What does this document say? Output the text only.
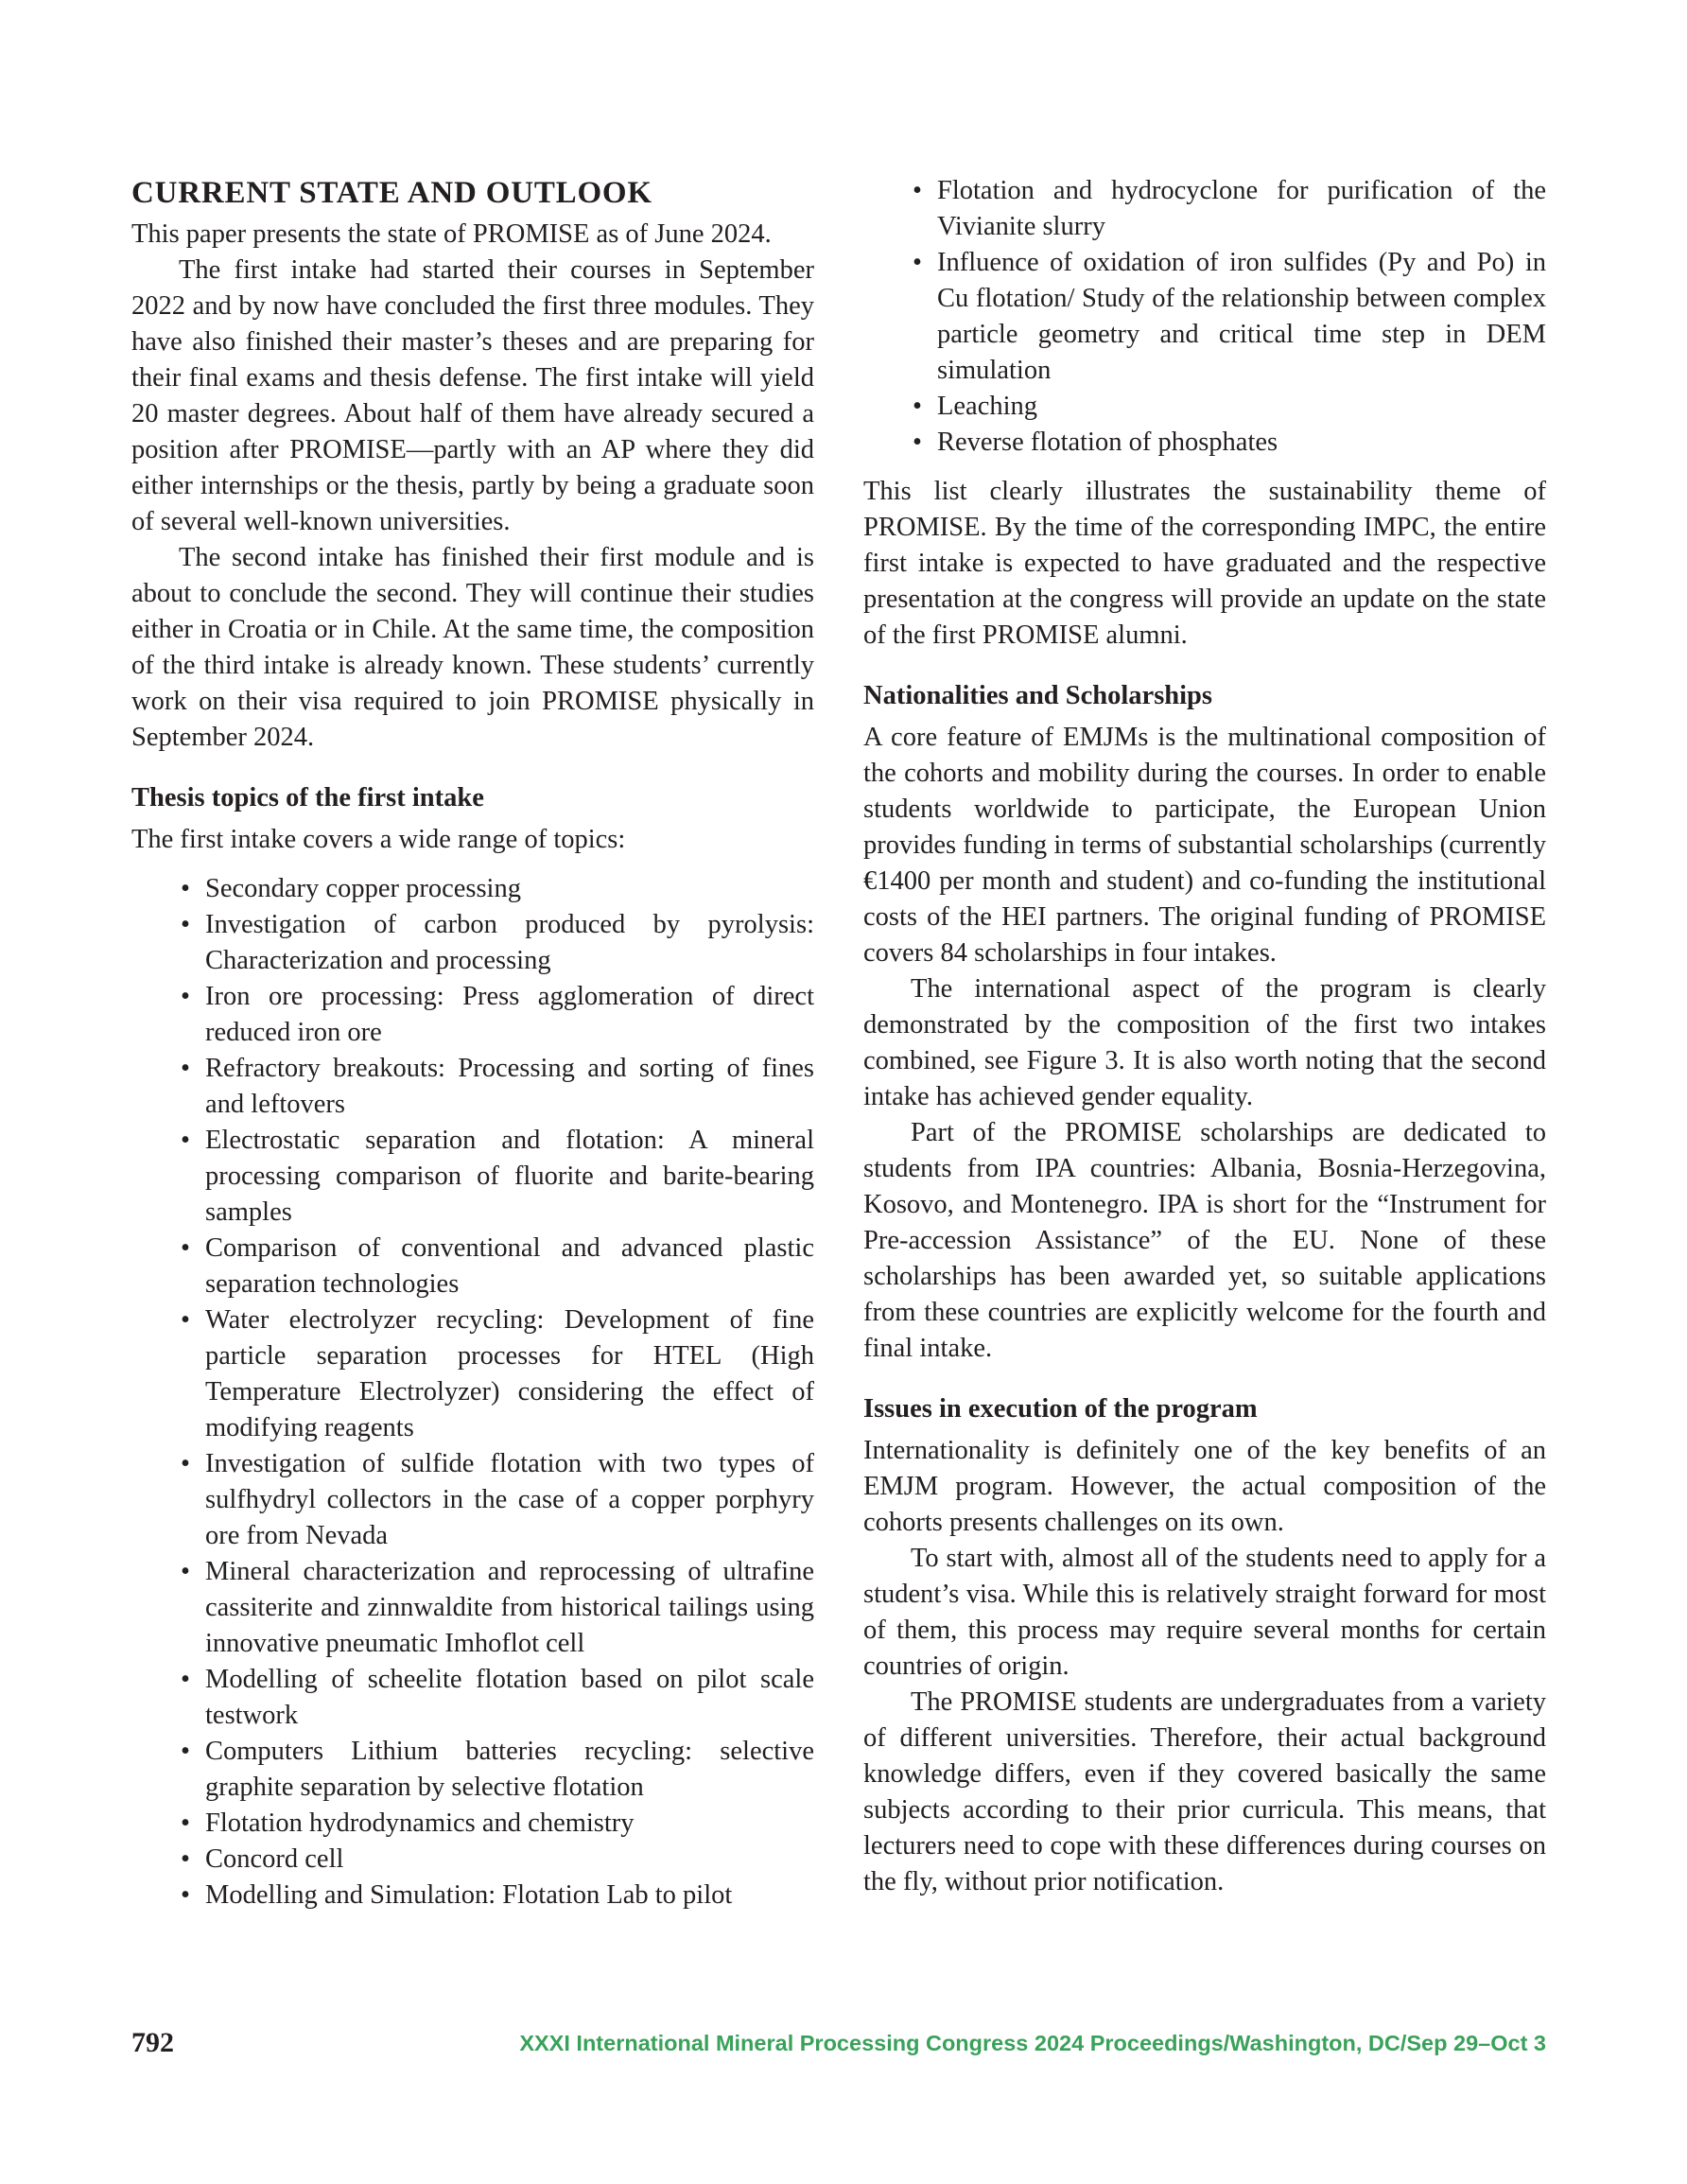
CURRENT STATE AND OUTLOOK

This paper presents the state of PROMISE as of June 2024.

The first intake had started their courses in September 2022 and by now have concluded the first three modules. They have also finished their master’s theses and are preparing for their final exams and thesis defense. The first intake will yield 20 master degrees. About half of them have already secured a position after PROMISE—partly with an AP where they did either internships or the thesis, partly by being a graduate soon of several well-known universities.

The second intake has finished their first module and is about to conclude the second. They will continue their studies either in Croatia or in Chile. At the same time, the composition of the third intake is already known. These students’ currently work on their visa required to join PROMISE physically in September 2024.

Thesis topics of the first intake

The first intake covers a wide range of topics:

• Secondary copper processing
• Investigation of carbon produced by pyrolysis: Characterization and processing
• Iron ore processing: Press agglomeration of direct reduced iron ore
• Refractory breakouts: Processing and sorting of fines and leftovers
• Electrostatic separation and flotation: A mineral processing comparison of fluorite and barite-bearing samples
• Comparison of conventional and advanced plastic separation technologies
• Water electrolyzer recycling: Development of fine particle separation processes for HTEL (High Temperature Electrolyzer) considering the effect of modifying reagents
• Investigation of sulfide flotation with two types of sulfhydryl collectors in the case of a copper porphyry ore from Nevada
• Mineral characterization and reprocessing of ultrafine cassiterite and zinnwaldite from historical tailings using innovative pneumatic Imhoflot cell
• Modelling of scheelite flotation based on pilot scale testwork
• Computers Lithium batteries recycling: selective graphite separation by selective flotation
• Flotation hydrodynamics and chemistry
• Concord cell
• Modelling and Simulation: Flotation Lab to pilot
• Flotation and hydrocyclone for purification of the Vivianite slurry
• Influence of oxidation of iron sulfides (Py and Po) in Cu flotation/ Study of the relationship between complex particle geometry and critical time step in DEM simulation
• Leaching
• Reverse flotation of phosphates

This list clearly illustrates the sustainability theme of PROMISE. By the time of the corresponding IMPC, the entire first intake is expected to have graduated and the respective presentation at the congress will provide an update on the state of the first PROMISE alumni.

Nationalities and Scholarships

A core feature of EMJMs is the multinational composition of the cohorts and mobility during the courses. In order to enable students worldwide to participate, the European Union provides funding in terms of substantial scholarships (currently €1400 per month and student) and co-funding the institutional costs of the HEI partners. The original funding of PROMISE covers 84 scholarships in four intakes.

The international aspect of the program is clearly demonstrated by the composition of the first two intakes combined, see Figure 3. It is also worth noting that the second intake has achieved gender equality.

Part of the PROMISE scholarships are dedicated to students from IPA countries: Albania, Bosnia-Herzegovina, Kosovo, and Montenegro. IPA is short for the “Instrument for Pre-accession Assistance” of the EU. None of these scholarships has been awarded yet, so suitable applications from these countries are explicitly welcome for the fourth and final intake.

Issues in execution of the program

Internationality is definitely one of the key benefits of an EMJM program. However, the actual composition of the cohorts presents challenges on its own.

To start with, almost all of the students need to apply for a student’s visa. While this is relatively straight forward for most of them, this process may require several months for certain countries of origin.

The PROMISE students are undergraduates from a variety of different universities. Therefore, their actual background knowledge differs, even if they covered basically the same subjects according to their prior curricula. This means, that lecturers need to cope with these differences during courses on the fly, without prior notification.

792	XXXI International Mineral Processing Congress 2024 Proceedings/Washington, DC/Sep 29–Oct 3
